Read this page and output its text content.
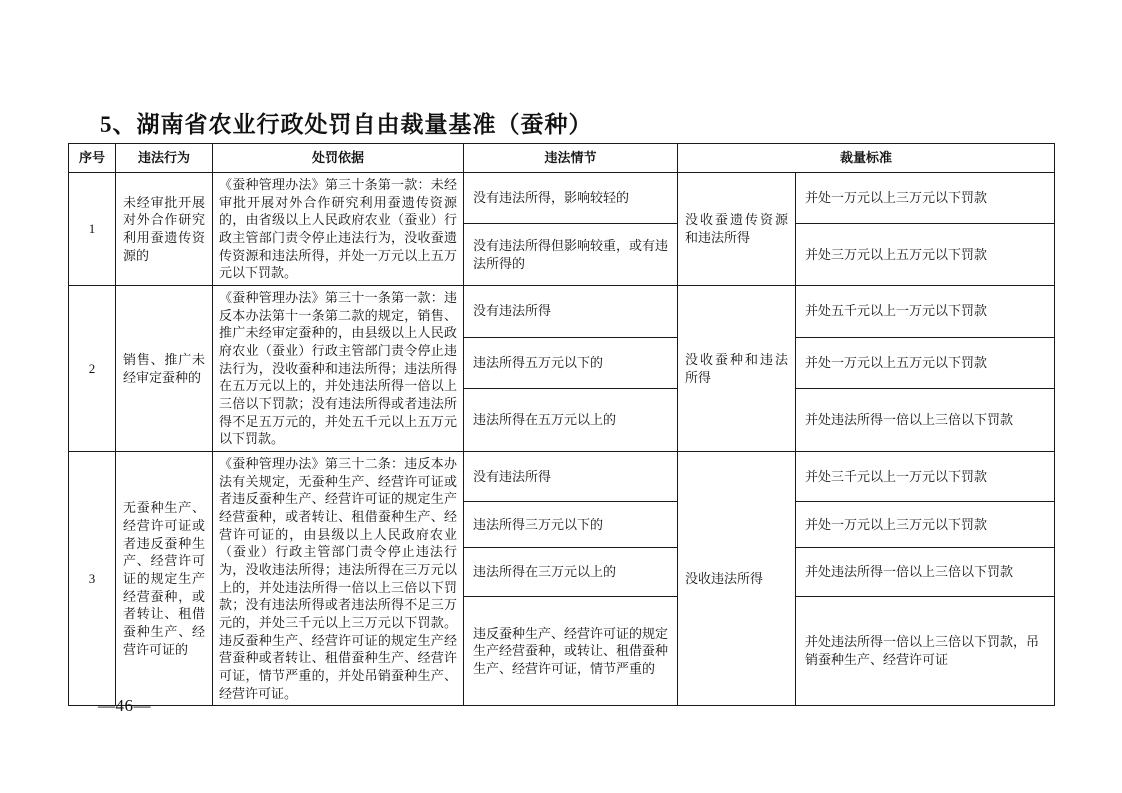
5、湖南省农业行政处罚自由裁量基准（蚕种）
序号	违法行为	处罚依据	违法情节	裁量标准	
1	未经审批开展对外合作研究利用蚕遗传资源的	《蚕种管理办法》第三十条第一款：未经审批开展对外合作研究利用蚕遗传资源的，由省级以上人民政府农业（蚕业）行政主管部门责令停止违法行为，没收蚕遗传资源和违法所得，并处一万元以上五万元以下罚款。	没有违法所得，影响较轻的	没收蚕遗传资源和违法所得	并处一万元以上三万元以下罚款
			没有违法所得但影响较重，或有违法所得的		并处三万元以上五万元以下罚款
2	销售、推广未经审定蚕种的	《蚕种管理办法》第三十一条第一款：违反本办法第十一条第二款的规定，销售、推广未经审定蚕种的，由县级以上人民政府农业（蚕业）行政主管部门责令停止违法行为，没收蚕种和违法所得；违法所得在五万元以上的，并处违法所得一倍以上三倍以下罚款；没有违法所得或者违法所得不足五万元的，并处五千元以上五万元以下罚款。	没有违法所得	没收蚕种和违法所得	并处五千元以上一万元以下罚款
			违法所得五万元以下的		并处一万元以上五万元以下罚款
			违法所得在五万元以上的		并处违法所得一倍以上三倍以下罚款
3	无蚕种生产、经营许可证或者违反蚕种生产、经营许可证的规定生产经营蚕种，或者转让、租借蚕种生产、经营许可证的	《蚕种管理办法》第三十二条：违反本办法有关规定，无蚕种生产、经营许可证或者违反蚕种生产、经营许可证的规定生产经营蚕种，或者转让、租借蚕种生产、经营许可证的，由县级以上人民政府农业（蚕业）行政主管部门责令停止违法行为，没收违法所得；违法所得在三万元以上的，并处违法所得一倍以上三倍以下罚款；没有违法所得或者违法所得不足三万元的，并处三千元以上三万元以下罚款。违反蚕种生产、经营许可证的规定生产经营蚕种或者转让、租借蚕种生产、经营许可证，情节严重的，并处吊销蚕种生产、经营许可证。	没有违法所得	没收违法所得	并处三千元以上一万元以下罚款
			违法所得三万元以下的		并处一万元以上三万元以下罚款
			违法所得在三万元以上的		并处违法所得一倍以上三倍以下罚款
			违反蚕种生产、经营许可证的规定生产经营蚕种，或转让、租借蚕种生产、经营许可证，情节严重的		并处违法所得一倍以上三倍以下罚款，吊销蚕种生产、经营许可证
—46—
